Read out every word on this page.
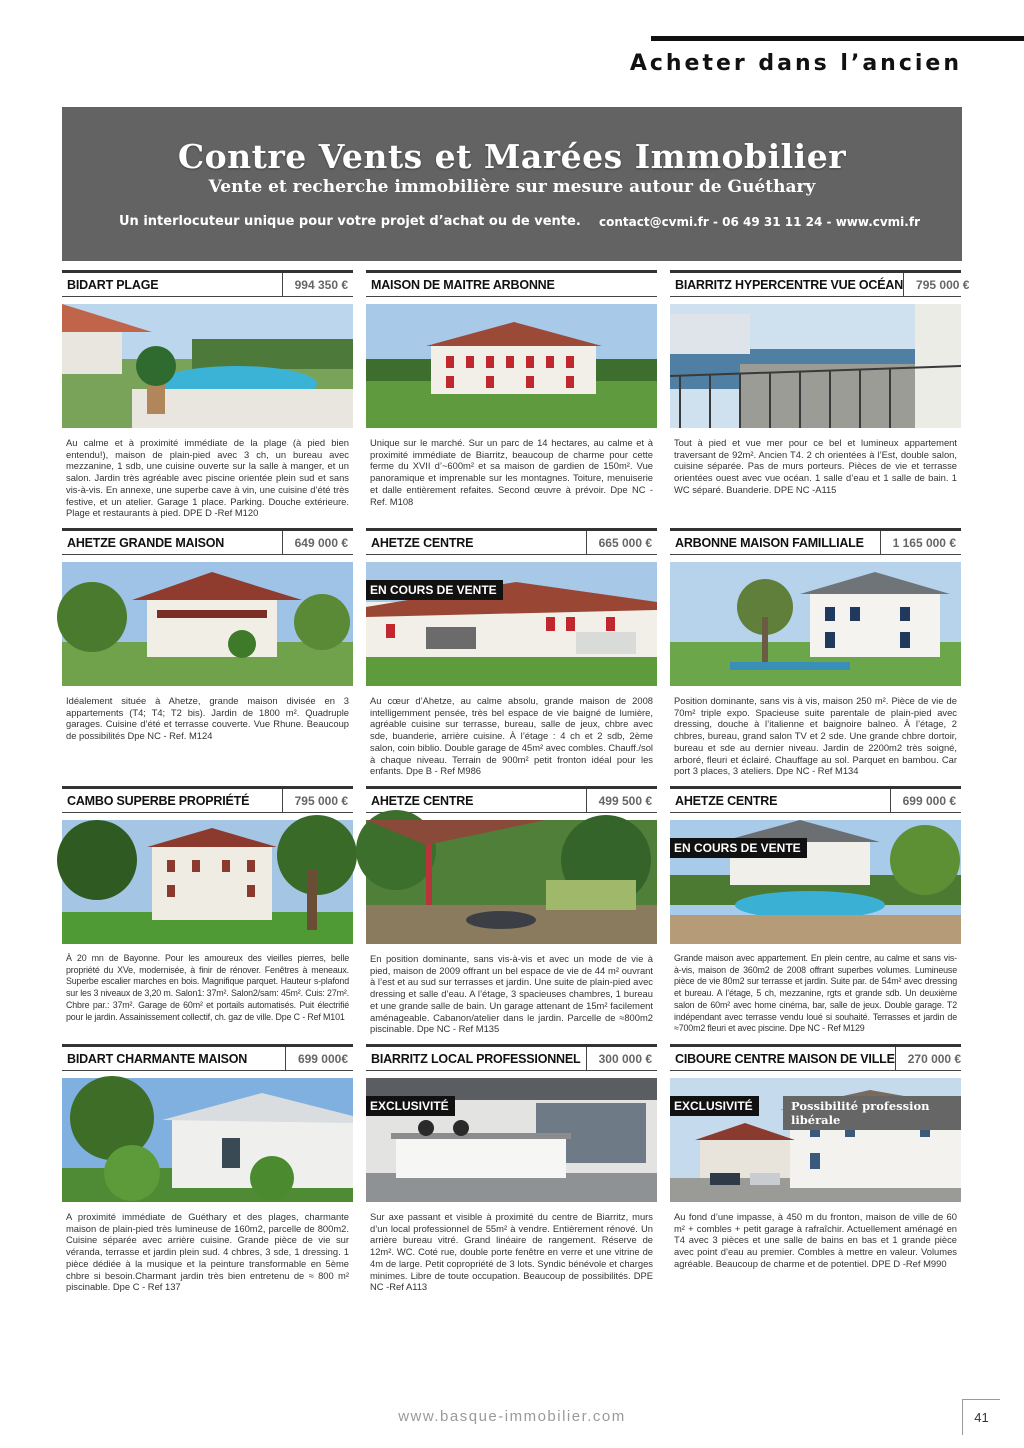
Acheter dans l’ancien
Contre Vents et Marées Immobilier
Vente et recherche immobilière sur mesure autour de Guéthary
Un interlocuteur unique pour votre projet d’achat ou de vente. contact@cvmi.fr - 06 49 31 11 24 - www.cvmi.fr
BIDART PLAGE	994 350 €
Au calme et à proximité immédiate de la plage (à pied bien entendu!), maison de plain-pied avec 3 ch, un bureau avec mezzanine, 1 sdb, une cuisine ouverte sur la salle à manger, et un salon. Jardin très agréable avec piscine orientée plein sud et sans vis-à-vis. En annexe, une superbe cave à vin, une cuisine d’été très festive, et un atelier. Garage 1 place. Parking. Douche extérieure. Plage et restaurants à pied. DPE D -Ref M120
MAISON DE MAITRE ARBONNE
Unique sur le marché. Sur un parc de 14 hectares, au calme et à proximité immédiate de Biarritz, beaucoup de charme pour cette ferme du XVII d’~600m² et sa maison de gardien de 150m². Vue panoramique et imprenable sur les montagnes. Toiture, menuiserie et dalle entièrement refaites. Second œuvre à prévoir. Dpe NC - Ref. M108
BIARRITZ HYPERCENTRE VUE OCÉAN	795 000 €
Tout à pied et vue mer pour ce bel et lumineux appartement traversant de 92m². Ancien T4. 2 ch orientées à l’Est, double salon, cuisine séparée. Pas de murs porteurs. Pièces de vie et terrasse orientées ouest avec vue océan. 1 salle d’eau et 1 salle de bain. 1 WC séparé. Buanderie. DPE NC -A115
AHETZE GRANDE MAISON	649 000 €
Idéalement située à Ahetze, grande maison divisée en 3 appartements (T4; T4; T2 bis). Jardin de 1800 m². Quadruple garages. Cuisine d’été et terrasse couverte. Vue Rhune. Beaucoup de possibilités Dpe NC - Ref. M124
AHETZE CENTRE	665 000 €
EN COURS DE VENTE
Au cœur d’Ahetze, au calme absolu, grande maison de 2008 intelligemment pensée, très bel espace de vie baigné de lumière, agréable cuisine sur terrasse, bureau, salle de jeux, chbre avec sde, buanderie, arrière cuisine. À l’étage : 4 ch et 2 sdb, 2ème salon, coin biblio. Double garage de 45m² avec combles. Chauff./sol à chaque niveau. Terrain de 900m² petit fronton idéal pour les enfants. Dpe B - Ref M986
ARBONNE MAISON FAMILLIALE	1 165 000 €
Position dominante, sans vis à vis, maison 250 m². Pièce de vie de 70m² triple expo. Spacieuse suite parentale de plain-pied avec dressing, douche à l’italienne et baignoire balneo. À l’étage, 2 chbres, bureau, grand salon TV et 2 sde. Une grande chbre dortoir, bureau et sde au dernier niveau. Jardin de 2200m2 très soigné, arboré, fleuri et éclairé. Chauffage au sol. Parquet en bambou. Car port 3 places, 3 ateliers. Dpe NC - Ref M134
CAMBO SUPERBE PROPRIÉTÉ	795 000 €
À 20 mn de Bayonne. Pour les amoureux des vieilles pierres, belle propriété du XVe, modernisée, à finir de rénover. Fenêtres à meneaux. Superbe escalier marches en bois. Magnifique parquet. Hauteur s-plafond sur les 3 niveaux de 3,20 m. Salon1: 37m². Salon2/sam: 45m². Cuis: 27m². Chbre par.: 37m². Garage de 60m² et portails automatisés. Puit électrifié pour le jardin. Assainissement collectif, ch. gaz de ville. Dpe C - Ref M101
AHETZE CENTRE	499 500 €
En position dominante, sans vis-à-vis et avec un mode de vie à pied, maison de 2009 offrant un bel espace de vie de 44 m² ouvrant à l’est et au sud sur terrasses et jardin. Une suite de plain-pied avec dressing et salle d’eau. A l’étage, 3 spacieuses chambres, 1 bureau et une grande salle de bain. Un garage attenant de 15m² facilement aménageable. Cabanon/atelier dans le jardin. Parcelle de ≈800m2 piscinable. Dpe NC - Ref M135
AHETZE CENTRE	699 000 €
EN COURS DE VENTE
Grande maison avec appartement. En plein centre, au calme et sans vis-à-vis, maison de 360m2 de 2008 offrant superbes volumes. Lumineuse pièce de vie 80m2 sur terrasse et jardin. Suite par. de 54m² avec dressing et bureau. A l’étage, 5 ch, mezzanine, rgts et grande sdb. Un deuxième salon de 60m² avec home cinéma, bar, salle de jeux. Double garage. T2 indépendant avec terrasse vendu loué si souhaité. Terrasses et jardin de ≈700m2 fleuri et avec piscine. Dpe NC - Ref M129
BIDART CHARMANTE MAISON	699 000€
A proximité immédiate de Guéthary et des plages, charmante maison de plain-pied très lumineuse de 160m2, parcelle de 800m2. Cuisine séparée avec arrière cuisine. Grande pièce de vie sur véranda, terrasse et jardin plein sud. 4 chbres, 3 sde, 1 dressing. 1 pièce dédiée à la musique et la peinture transformable en 5ème chbre si besoin.Charmant jardin très bien entretenu de ≈ 800 m² piscinable. Dpe C - Ref 137
BIARRITZ LOCAL PROFESSIONNEL	300 000 €
EXCLUSIVITÉ
Sur axe passant et visible à proximité du centre de Biarritz, murs d’un local professionnel de 55m² à vendre. Entièrement rénové. Un arrière bureau vitré. Grand linéaire de rangement. Réserve de 12m². WC. Coté rue, double porte fenêtre en verre et une vitrine de 4m de large. Petit copropriété de 3 lots. Syndic bénévole et charges minimes. Libre de toute occupation. Beaucoup de possibilités. DPE NC -Ref A113
CIBOURE CENTRE MAISON DE VILLE	270 000 €
EXCLUSIVITÉ	Possibilité profession libérale
Au fond d’une impasse, à 450 m du fronton, maison de ville de 60 m² + combles + petit garage à rafraîchir. Actuellement aménagé en T4 avec 3 pièces et une salle de bains en bas et 1 grande pièce avec point d’eau au premier. Combles à mettre en valeur. Volumes agréable. Beaucoup de charme et de potentiel. DPE D -Ref M990
www.basque-immobilier.com	41
